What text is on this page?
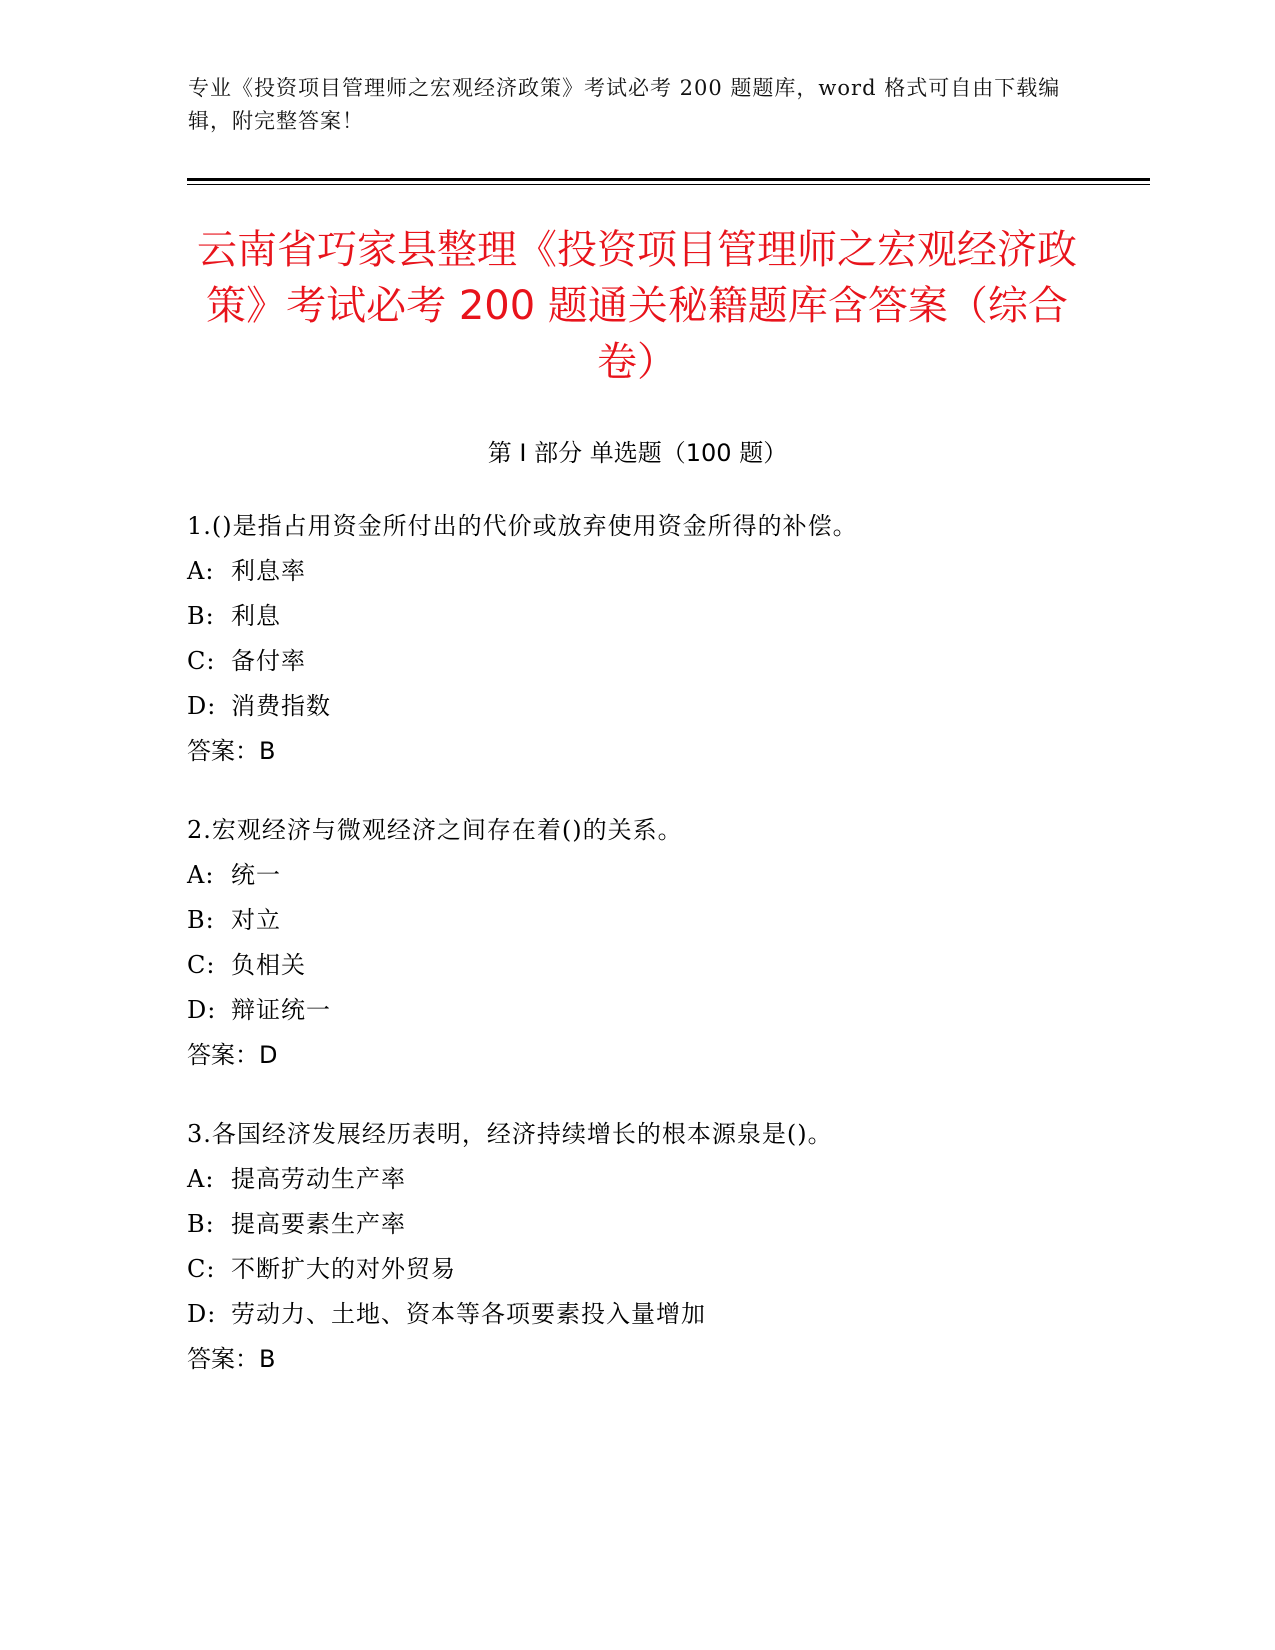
专业《投资项目管理师之宏观经济政策》考试必考 200 题题库，word 格式可自由下载编辑，附完整答案！
云南省巧家县整理《投资项目管理师之宏观经济政策》考试必考 200 题通关秘籍题库含答案（综合卷）
第 I 部分 单选题（100 题）
1.()是指占用资金所付出的代价或放弃使用资金所得的补偿。
A: 利息率
B: 利息
C: 备付率
D: 消费指数
答案：B
2.宏观经济与微观经济之间存在着()的关系。
A: 统一
B: 对立
C: 负相关
D: 辩证统一
答案：D
3.各国经济发展经历表明，经济持续增长的根本源泉是()。
A: 提高劳动生产率
B: 提高要素生产率
C: 不断扩大的对外贸易
D: 劳动力、土地、资本等各项要素投入量增加
答案：B
